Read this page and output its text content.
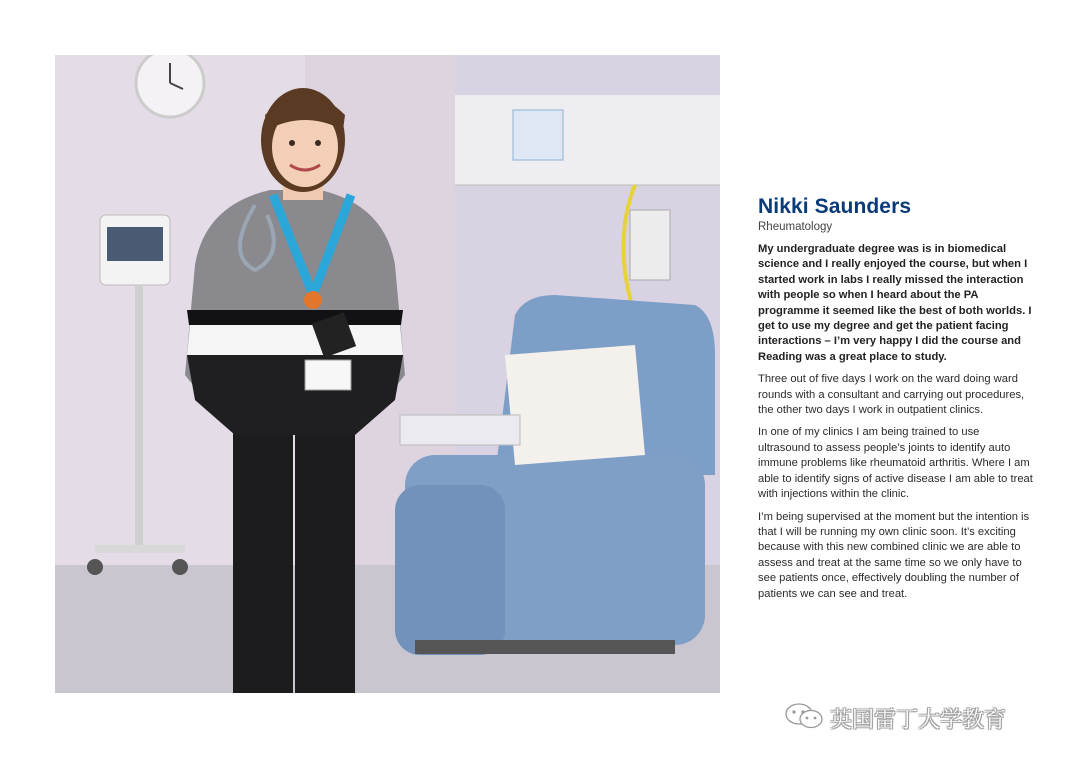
Nikki Saunders

Rheumatology

My undergraduate degree was is in biomedical science and I really enjoyed the course, but when I started work in labs I really missed the interaction with people so when I heard about the PA programme it seemed like the best of both worlds. I get to use my degree and get the patient facing interactions – I’m very happy I did the course and Reading was a great place to study.

Three out of five days I work on the ward doing ward rounds with a consultant and carrying out procedures, the other two days I work in outpatient clinics.

In one of my clinics I am being trained to use ultrasound to assess people’s joints to identify auto immune problems like rheumatoid arthritis. Where I am able to identify signs of active disease I am able to treat with injections within the clinic.

I’m being supervised at the moment but the intention is that I will be running my own clinic soon. It’s exciting because with this new combined clinic we are able to assess and treat at the same time so we only have to see patients once, effectively doubling the number of patients we can see and treat.

英国雷丁大学教育
